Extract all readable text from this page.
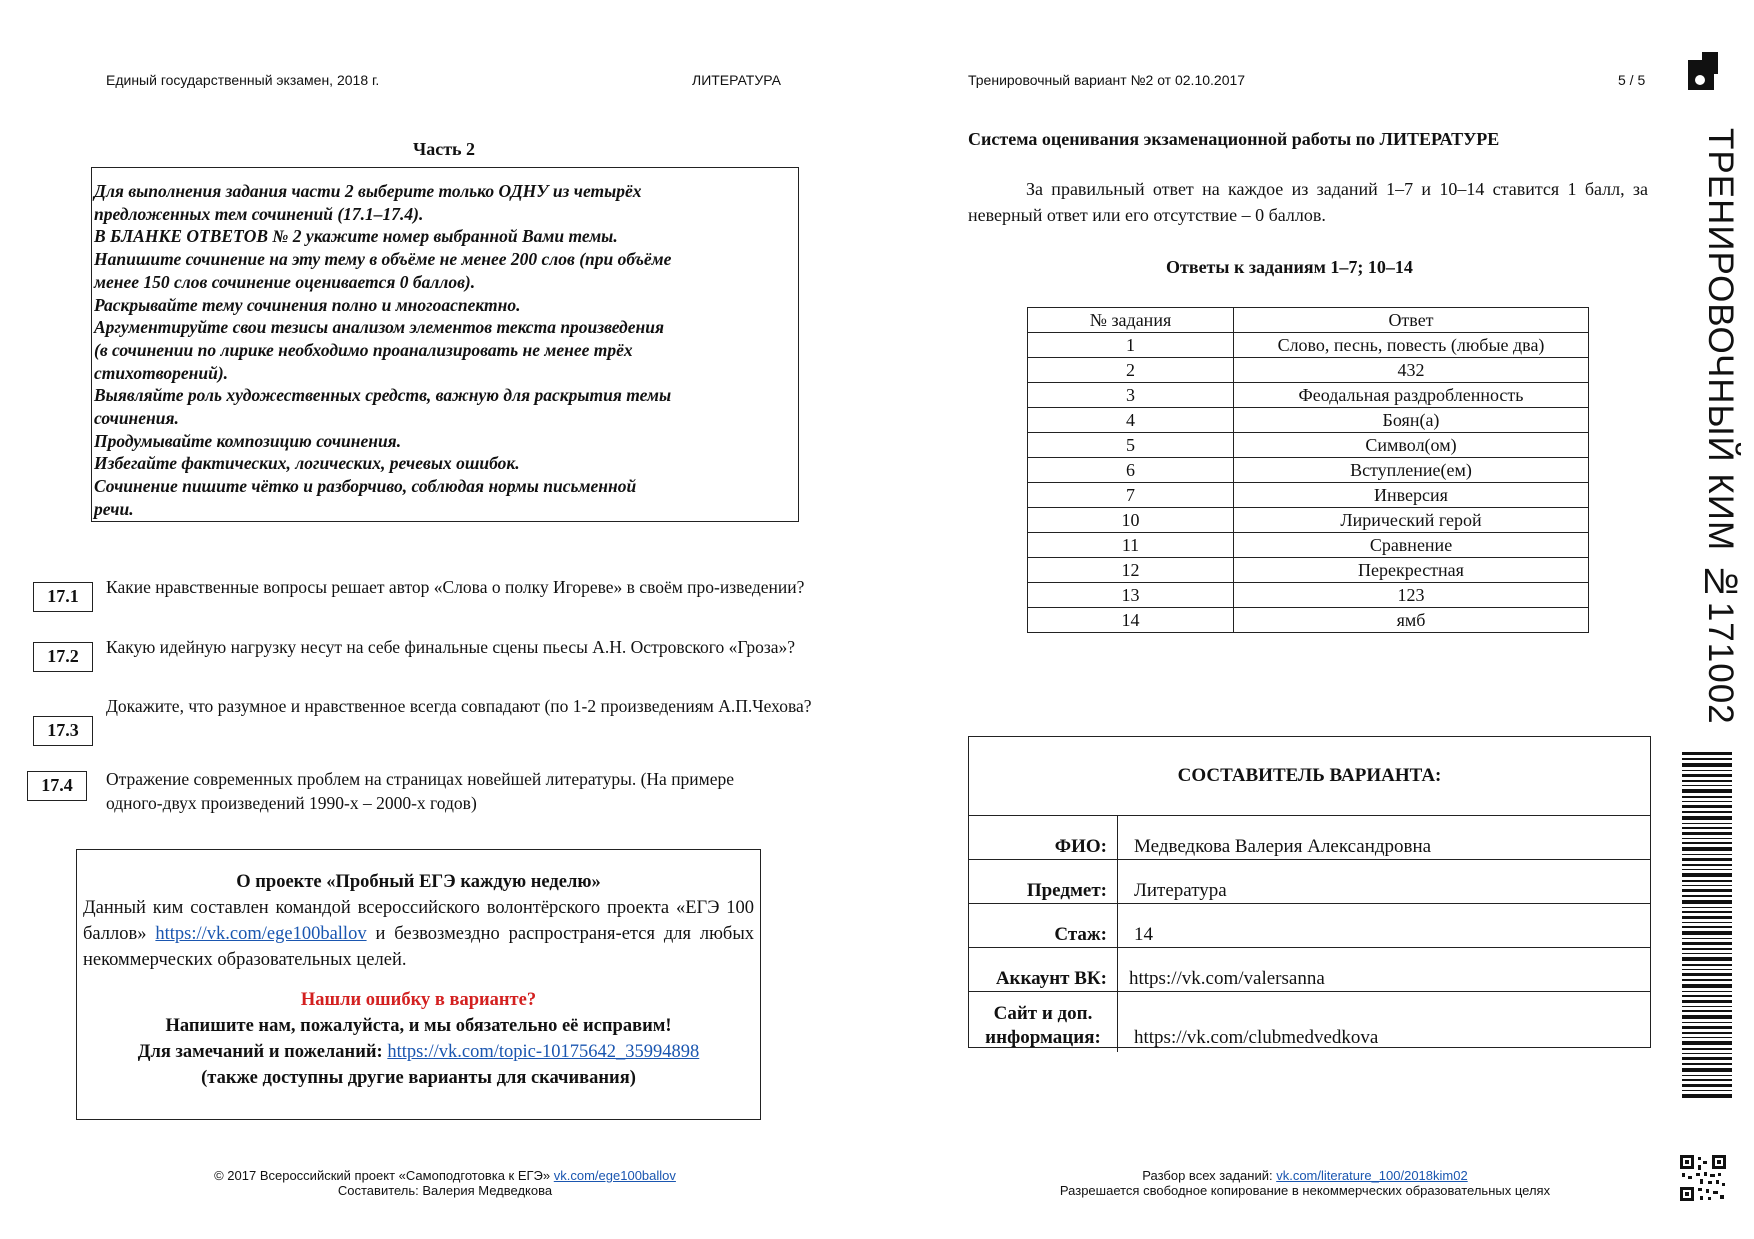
Единый государственный экзамен, 2018 г.	ЛИТЕРАТУРА	Тренировочный вариант №2 от 02.10.2017	5 / 5
Часть 2
Для выполнения задания части 2 выберите только ОДНУ из четырёх
предложенных тем сочинений (17.1–17.4).
В БЛАНКЕ ОТВЕТОВ № 2 укажите номер выбранной Вами темы.
Напишите сочинение на эту тему в объёме не менее 200 слов (при объёме
менее 150 слов сочинение оценивается 0 баллов).
Раскрывайте тему сочинения полно и многоаспектно.
Аргументируйте свои тезисы анализом элементов текста произведения
(в сочинении по лирике необходимо проанализировать не менее трёх
стихотворений).
Выявляйте роль художественных средств, важную для раскрытия темы
сочинения.
Продумывайте композицию сочинения.
Избегайте фактических, логических, речевых ошибок.
Сочинение пишите чётко и разборчиво, соблюдая нормы письменной
речи.
17.1	Какие нравственные вопросы решает автор «Слова о полку Игореве» в своём про-изведении?
17.2	Какую идейную нагрузку несут на себе финальные сцены пьесы А.Н. Островского «Гроза»?
17.3
Докажите, что разумное и нравственное всегда совпадают (по 1-2 произведениям А.П.Чехова?
17.4	Отражение современных проблем на страницах новейшей литературы. (На примере одного-двух произведений 1990-х – 2000-х годов)
О проекте «Пробный ЕГЭ каждую неделю»
Данный ким составлен командой всероссийского волонтёрского проекта «ЕГЭ 100 баллов» https://vk.com/ege100ballov и безвозмездно распространя-ется для любых некоммерческих образовательных целей.
Нашли ошибку в варианте?
Напишите нам, пожалуйста, и мы обязательно её исправим!
Для замечаний и пожеланий: https://vk.com/topic-10175642_35994898
(также доступны другие варианты для скачивания)
Система оценивания экзаменационной работы по ЛИТЕРАТУРЕ
За правильный ответ на каждое из заданий 1–7 и 10–14 ставится 1 балл, за неверный ответ или его отсутствие – 0 баллов.
Ответы к заданиям 1–7; 10–14
№ задания	Ответ
1	Слово, песнь, повесть (любые два)
2	432
3	Феодальная раздробленность
4	Боян(а)
5	Символ(ом)
6	Вступление(ем)
7	Инверсия
10	Лирический герой
11	Сравнение
12	Перекрестная
13	123
14	ямб
СОСТАВИТЕЛЬ ВАРИАНТА:
ФИО:	Медведкова Валерия Александровна
Предмет:	Литература
Стаж:	14
Аккаунт ВК:	https://vk.com/valersanna
Сайт и доп. информация:	https://vk.com/clubmedvedkova
© 2017 Всероссийский проект «Самоподготовка к ЕГЭ» vk.com/ege100ballov
Составитель: Валерия Медведкова
Разбор всех заданий: vk.com/literature_100/2018kim02
Разрешается свободное копирование в некоммерческих образовательных целях
ТРЕНИРОВОЧНЫЙ КИМ №171002
